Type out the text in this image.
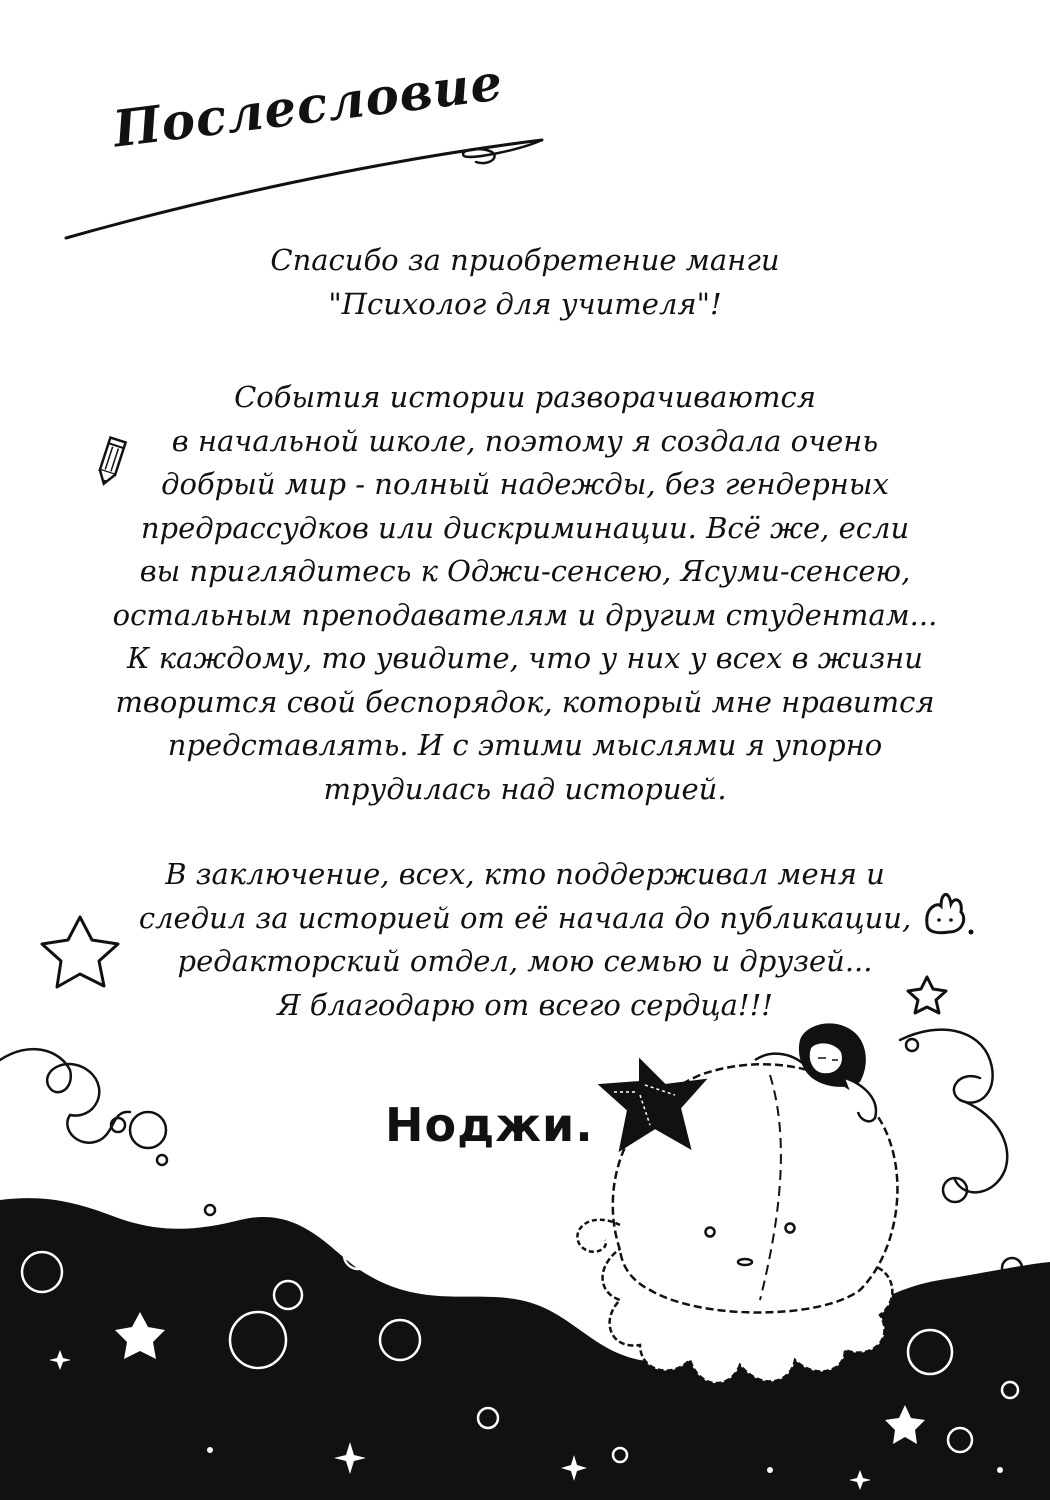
Послесловие

Спасибо за приобретение манги
"Психолог для учителя"!

События истории разворачиваются
в начальной школе, поэтому я создала очень
добрый мир - полный надежды, без гендерных
предрассудков или дискриминации. Всё же, если
вы приглядитесь к Оджи-сенсею, Ясуми-сенсею,
остальным преподавателям и другим студентам...
К каждому, то увидите, что у них у всех в жизни
творится свой беспорядок, который мне нравится
представлять. И с этими мыслями я упорно
трудилась над историей.

В заключение, всех, кто поддерживал меня и
следил за историей от её начала до публикации,
редакторский отдел, мою семью и друзей...
Я благодарю от всего сердца!!!

Ноджи.
